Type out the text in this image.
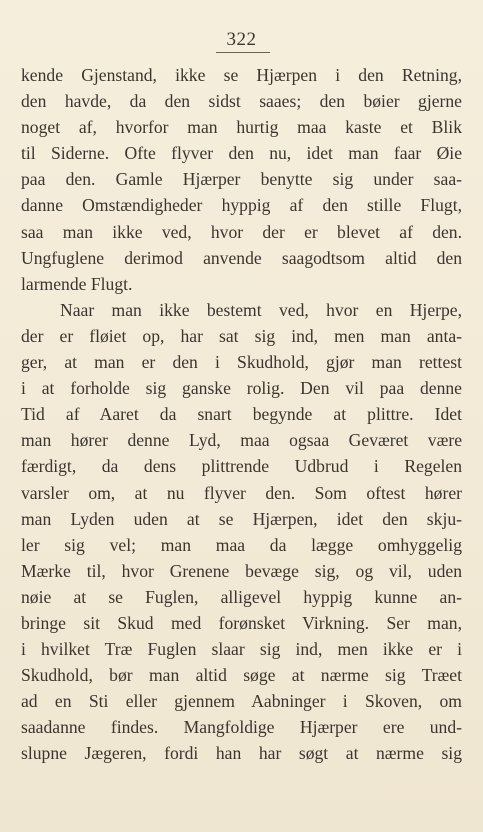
322
kende Gjenstand, ikke se Hjærpen i den Retning,
den havde, da den sidst saaes; den bøier gjerne
noget af, hvorfor man hurtig maa kaste et Blik
til Siderne. Ofte flyver den nu, idet man faar Øie
paa den. Gamle Hjærper benytte sig under saa-
danne Omstændigheder hyppig af den stille Flugt,
saa man ikke ved, hvor der er blevet af den.
Ungfuglene derimod anvende saagodtsom altid den
larmende Flugt.
Naar man ikke bestemt ved, hvor en Hjerpe,
der er fløiet op, har sat sig ind, men man anta-
ger, at man er den i Skudhold, gjør man rettest
i at forholde sig ganske rolig. Den vil paa denne
Tid af Aaret da snart begynde at plittre. Idet
man hører denne Lyd, maa ogsaa Geværet være
færdigt, da dens plittrende Udbrud i Regelen
varsler om, at nu flyver den. Som oftest hører
man Lyden uden at se Hjærpen, idet den skju-
ler sig vel; man maa da lægge omhyggelig
Mærke til, hvor Grenene bevæge sig, og vil, uden
nøie at se Fuglen, alligevel hyppig kunne an-
bringe sit Skud med forønsket Virkning. Ser man,
i hvilket Træ Fuglen slaar sig ind, men ikke er i
Skudhold, bør man altid søge at nærme sig Træet
ad en Sti eller gjennem Aabninger i Skoven, om
saadanne findes. Mangfoldige Hjærper ere und-
slupne Jægeren, fordi han har søgt at nærme sig
